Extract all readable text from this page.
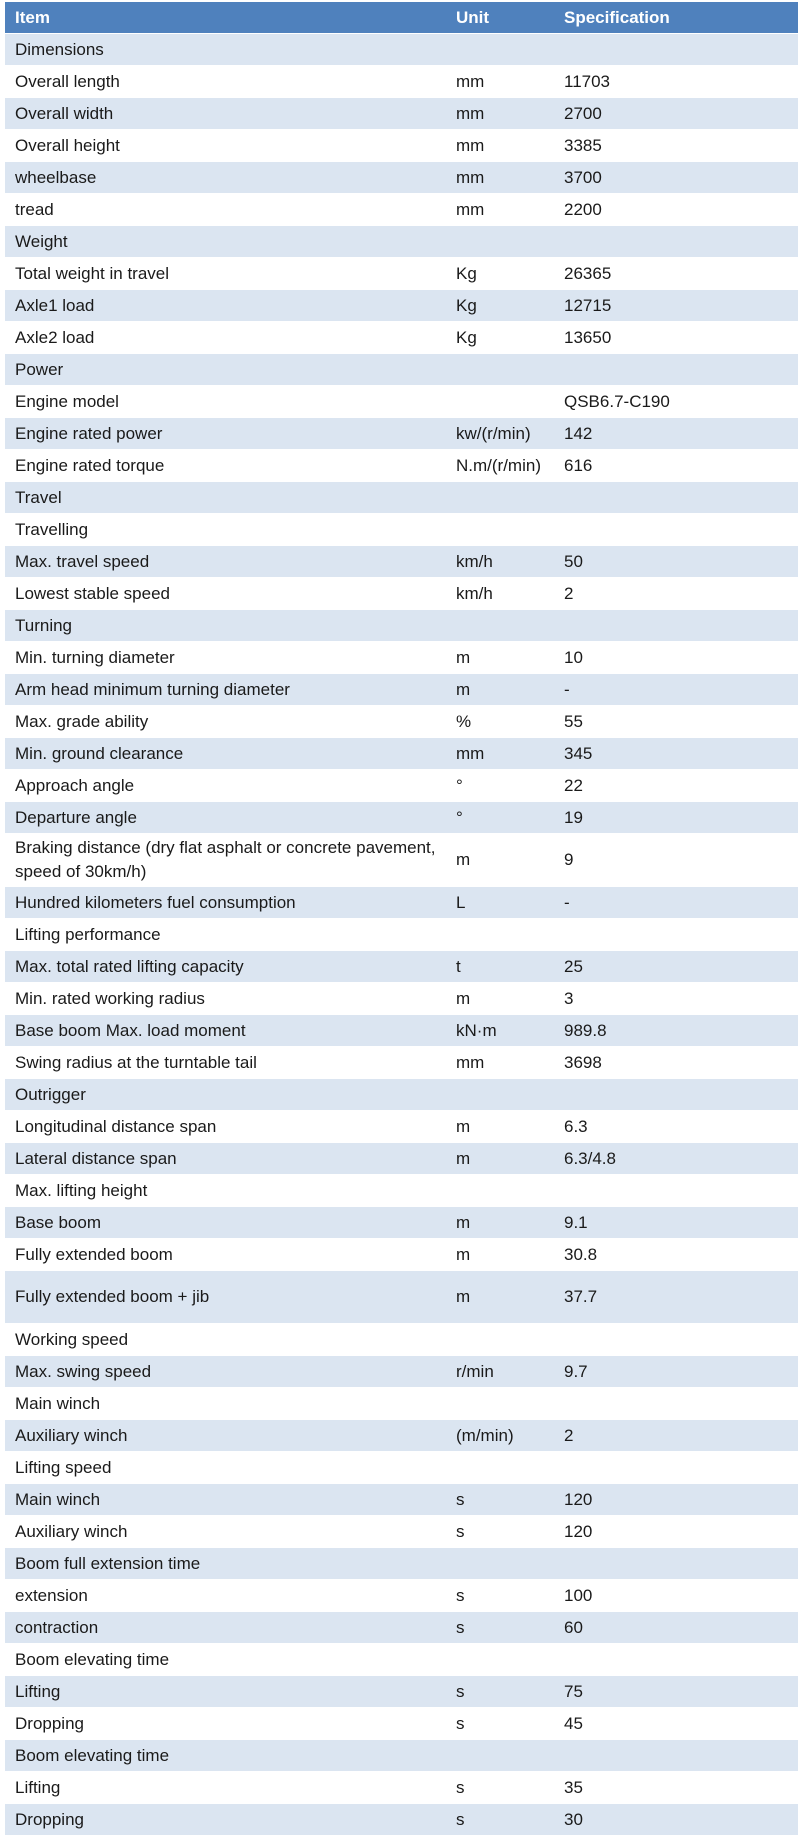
Item	Unit	Specification
Dimensions		
Overall length	mm	11703
Overall width	mm	2700
Overall height	mm	3385
wheelbase	mm	3700
tread	mm	2200
Weight		
Total weight in travel	Kg	26365
Axle1 load	Kg	12715
Axle2 load	Kg	13650
Power		
Engine model		QSB6.7-C190
Engine rated power	kw/(r/min)	142
Engine rated torque	N.m/(r/min)	616
Travel		
Travelling		
Max. travel speed	km/h	50
Lowest stable speed	km/h	2
Turning		
Min. turning diameter	m	10
Arm head minimum turning diameter	m	-
Max. grade ability	%	55
Min. ground clearance	mm	345
Approach angle	°	22
Departure angle	°	19
Braking distance (dry flat asphalt or concrete pavement, speed of 30km/h)	m	9
Hundred kilometers fuel consumption	L	-
Lifting performance		
Max. total rated lifting capacity	t	25
Min. rated working radius	m	3
Base boom Max. load moment	kN·m	989.8
Swing radius at the turntable tail	mm	3698
Outrigger		
Longitudinal distance span	m	6.3
Lateral distance span	m	6.3/4.8
Max. lifting height		
Base boom	m	9.1
Fully extended boom	m	30.8
Fully extended boom + jib	m	37.7
Working speed		
Max. swing speed	r/min	9.7
Main winch		
Auxiliary winch	(m/min)	2
Lifting speed		
Main winch	s	120
Auxiliary winch	s	120
Boom full extension time		
extension	s	100
contraction	s	60
Boom elevating time		
Lifting	s	75
Dropping	s	45
Boom elevating time		
Lifting	s	35
Dropping	s	30
